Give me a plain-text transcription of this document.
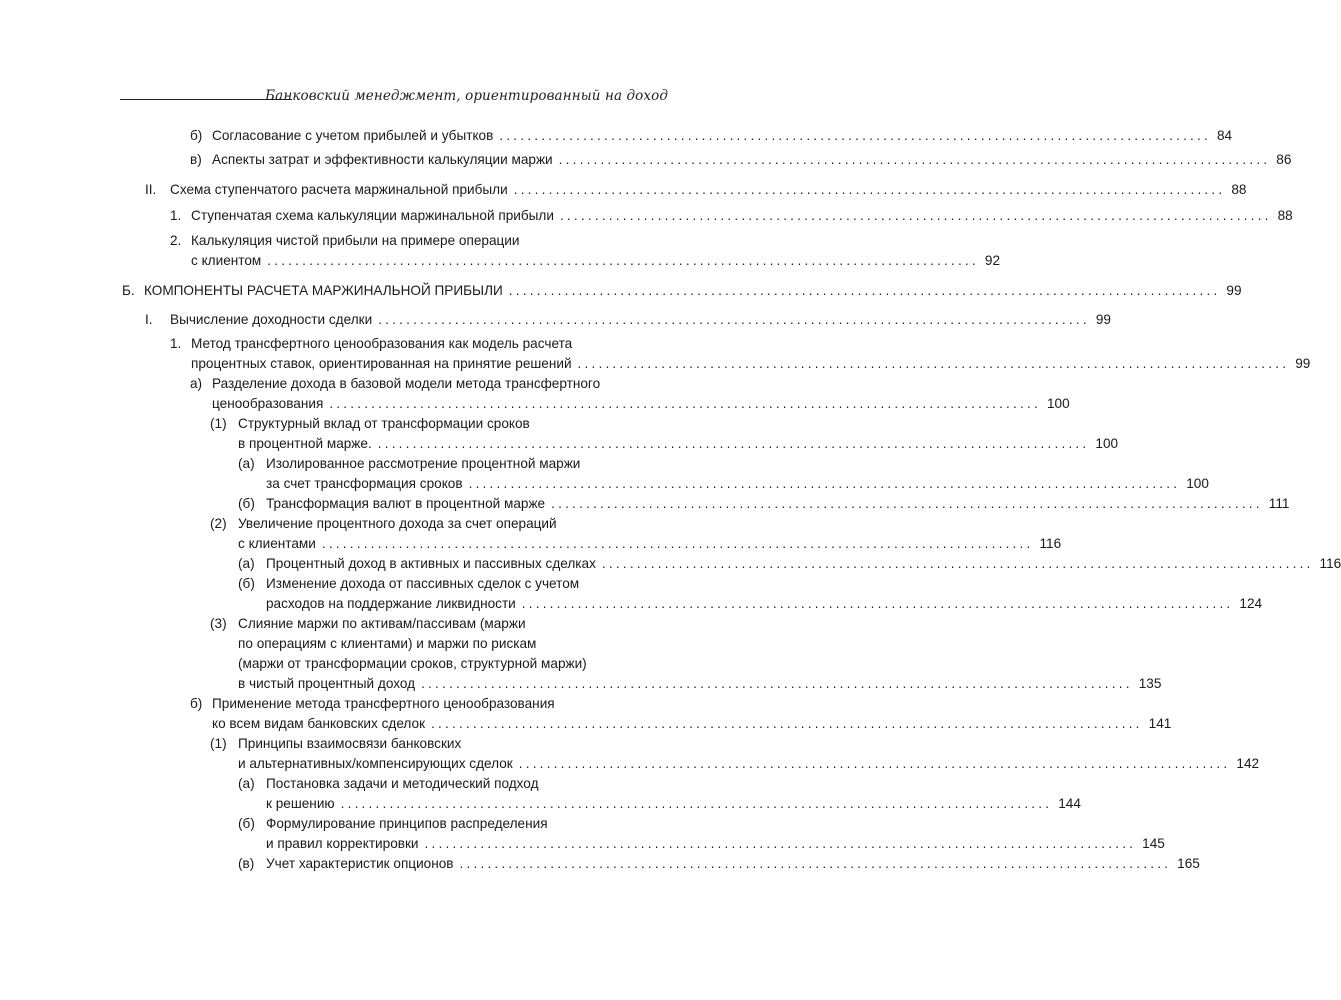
Банковский менеджмент, ориентированный на доход
б) Согласование с учетом прибылей и убытков ...................................................................................................... 84
в) Аспекты затрат и эффективности калькуляции маржи ...................................................................................................... 86
II. Схема ступенчатого расчета маржинальной прибыли ...................................................................................................... 88
1. Ступенчатая схема калькуляции маржинальной прибыли ...................................................................................................... 88
2. Калькуляция чистой прибыли на примере операции
с клиентом ...................................................................................................... 92
Б. КОМПОНЕНТЫ РАСЧЕТА МАРЖИНАЛЬНОЙ ПРИБЫЛИ ...................................................................................................... 99
I. Вычисление доходности сделки ...................................................................................................... 99
1. Метод трансфертного ценообразования как модель расчета
процентных ставок, ориентированная на принятие решений ...................................................................................................... 99
а) Разделение дохода в базовой модели метода трансфертного
ценообразования ...................................................................................................... 100
(1) Структурный вклад от трансформации сроков
в процентной марже. ...................................................................................................... 100
(а) Изолированное рассмотрение процентной маржи
за счет трансформация сроков ...................................................................................................... 100
(б) Трансформация валют в процентной марже ...................................................................................................... 111
(2) Увеличение процентного дохода за счет операций
с клиентами ...................................................................................................... 116
(а) Процентный доход в активных и пассивных сделках ...................................................................................................... 116
(б) Изменение дохода от пассивных сделок с учетом
расходов на поддержание ликвидности ...................................................................................................... 124
(3) Слияние маржи по активам/пассивам (маржи
по операциям с клиентами) и маржи по рискам
(маржи от трансформации сроков, структурной маржи)
в чистый процентный доход ...................................................................................................... 135
б) Применение метода трансфертного ценообразования
ко всем видам банковских сделок ...................................................................................................... 141
(1) Принципы взаимосвязи банковских
и альтернативных/компенсирующих сделок ...................................................................................................... 142
(а) Постановка задачи и методический подход
к решению ...................................................................................................... 144
(б) Формулирование принципов распределения
и правил корректировки ...................................................................................................... 145
(в) Учет характеристик опционов ...................................................................................................... 165
